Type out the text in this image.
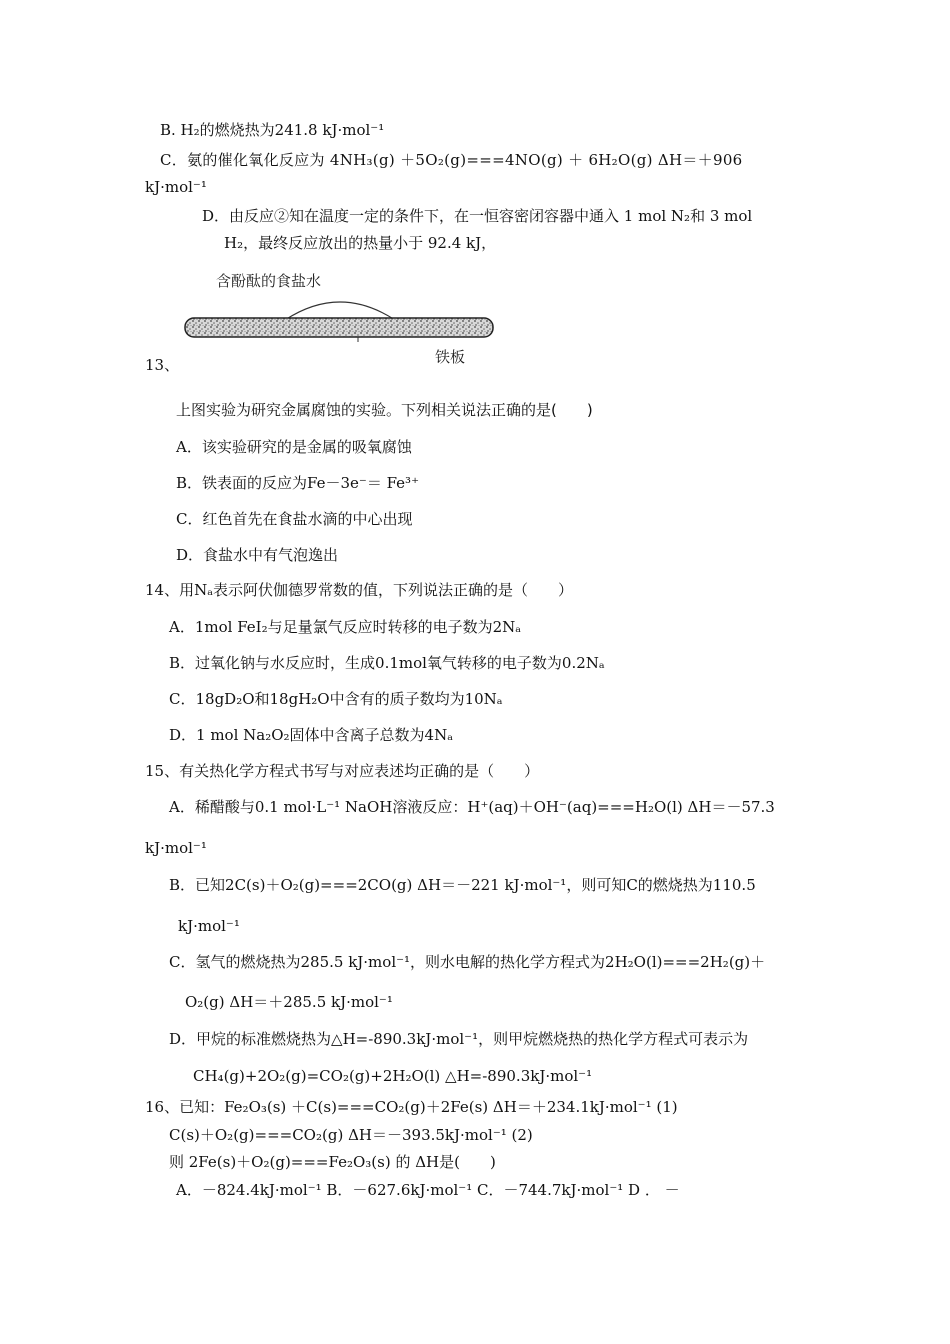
B. H₂的燃烧热为241.8 kJ·mol⁻¹
C．氨的催化氧化反应为 4NH₃(g) ＋5O₂(g)===4NO(g) ＋ 6H₂O(g) ΔH＝＋906
kJ·mol⁻¹
D．由反应②知在温度一定的条件下，在一恒容密闭容器中通入 1 mol N₂和 3 mol
H₂，最终反应放出的热量小于 92.4 kJ，
含酚酞的食盐水
13、	铁板
上图实验为研究金属腐蚀的实验。下列相关说法正确的是(　　)
A．该实验研究的是金属的吸氧腐蚀
B．铁表面的反应为Fe－3e⁻＝ Fe³⁺
C．红色首先在食盐水滴的中心出现
D．食盐水中有气泡逸出
14、用Nₐ表示阿伏伽德罗常数的值，下列说法正确的是（　　）
A．1mol FeI₂与足量氯气反应时转移的电子数为2Nₐ
B．过氧化钠与水反应时，生成0.1mol氧气转移的电子数为0.2Nₐ
C．18gD₂O和18gH₂O中含有的质子数均为10Nₐ
D．1 mol Na₂O₂固体中含离子总数为4Nₐ
15、有关热化学方程式书写与对应表述均正确的是（　　）
A．稀醋酸与0.1 mol·L⁻¹ NaOH溶液反应：H⁺(aq)＋OH⁻(aq)===H₂O(l) ΔH＝－57.3
kJ·mol⁻¹
B．已知2C(s)＋O₂(g)===2CO(g) ΔH＝－221 kJ·mol⁻¹，则可知C的燃烧热为110.5
kJ·mol⁻¹
C．氢气的燃烧热为285.5 kJ·mol⁻¹，则水电解的热化学方程式为2H₂O(l)===2H₂(g)＋
O₂(g) ΔH＝＋285.5 kJ·mol⁻¹
D．甲烷的标准燃烧热为△H=-890.3kJ·mol⁻¹，则甲烷燃烧热的热化学方程式可表示为
CH₄(g)+2O₂(g)=CO₂(g)+2H₂O(l) △H=-890.3kJ·mol⁻¹
16、已知：Fe₂O₃(s) ＋C(s)===CO₂(g)＋2Fe(s) ΔH＝＋234.1kJ·mol⁻¹ (1)
C(s)＋O₂(g)===CO₂(g) ΔH＝－393.5kJ·mol⁻¹ (2)
则 2Fe(s)＋O₂(g)===Fe₂O₃(s) 的 ΔH是(　　)
A．－824.4kJ·mol⁻¹ B．－627.6kJ·mol⁻¹ C．－744.7kJ·mol⁻¹ D ． －
